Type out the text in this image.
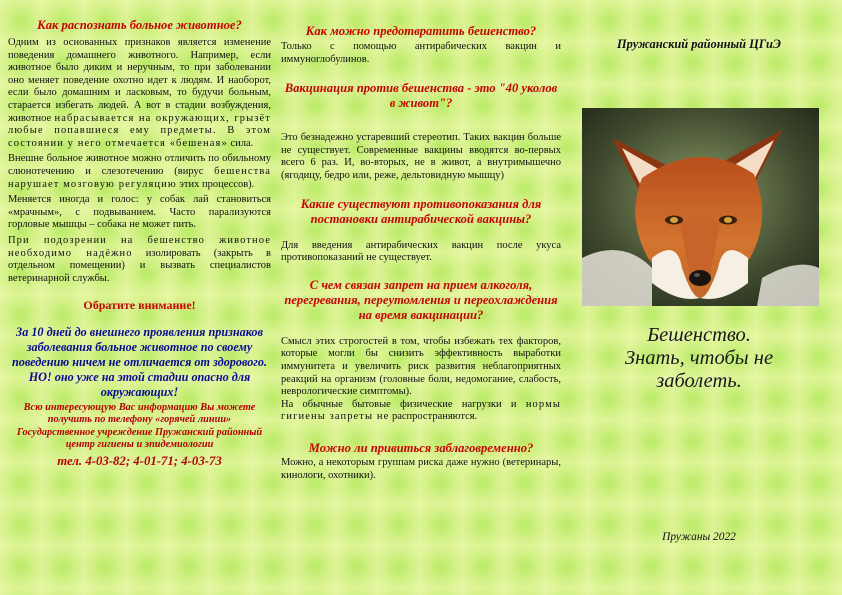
Как распознать больное животное?

Одним из основанных признаков является изменение поведения домашнего животного. Например, если животное было диким и неручным, то при заболевании оно меняет поведение охотно идет к людям. И наоборот, если было домашним и ласковым, то будучи больным, старается избегать людей. А вот в стадии возбуждения, животное набрасывается на окружающих, грызёт любые попавшиеся ему предметы. В этом состоянии у него отмечается «бешеная» сила.

Внешне больное животное можно отличить по обильному слюнотечению и слезотечению (вирус бешенства нарушает мозговую регуляцию этих процессов).

Меняется иногда и голос: у собак лай становиться «мрачным», с подвыванием. Часто парализуются горловые мышцы – собака не может пить.

При подозрении на бешенство животное необходимо надёжно изолировать (закрыть в отдельном помещении) и вызвать специалистов ветеринарной службы.

Обратите внимание!

За 10 дней до внешнего проявления признаков заболевания больное животное по своему поведению ничем не отличается от здорового. НО! оно уже на этой стадии опасно для окружающих!

Всю интересующую Вас информацию Вы можете получить по телефону «горячей линии» Государственное учреждение Пружанский районный центр гигиены и эпидемиологии

тел. 4-03-82; 4-01-71; 4-03-73

Как можно предотвратить бешенство?

Только с помощью антирабических вакцин и иммуноглобулинов.

Вакцинация против бешенства - это "40 уколов в живот"?

Это безнадежно устаревший стереотип. Таких вакцин больше не существует. Современные вакцины вводятся во-первых всего 6 раз. И, во-вторых, не в живот, а внутримышечно (ягодицу, бедро или, реже, дельтовидную мышцу)

Какие существуют противопоказания для постановки антирабической вакцины?

Для введения антирабических вакцин после укуса противопоказаний не существует.

С чем связан запрет на прием алкоголя, перегревания, переутомления и переохлаждения на время вакцинации?

Смысл этих строгостей в том, чтобы избежать тех факторов, которые могли бы снизить эффективность выработки иммунитета и увеличить риск развития неблагоприятных реакций на организм (головные боли, недомогание, слабость, неврологические симптомы).

На обычные бытовые физические нагрузки и нормы гигиены запреты не распространяются.

Можно ли привиться заблаговременно?

Можно, а некоторым группам риска даже нужно (ветеринары, кинологи, охотники).

Пружанский районный ЦГиЭ

Бешенство.
Знать, чтобы не
заболеть.

Пружаны 2022
